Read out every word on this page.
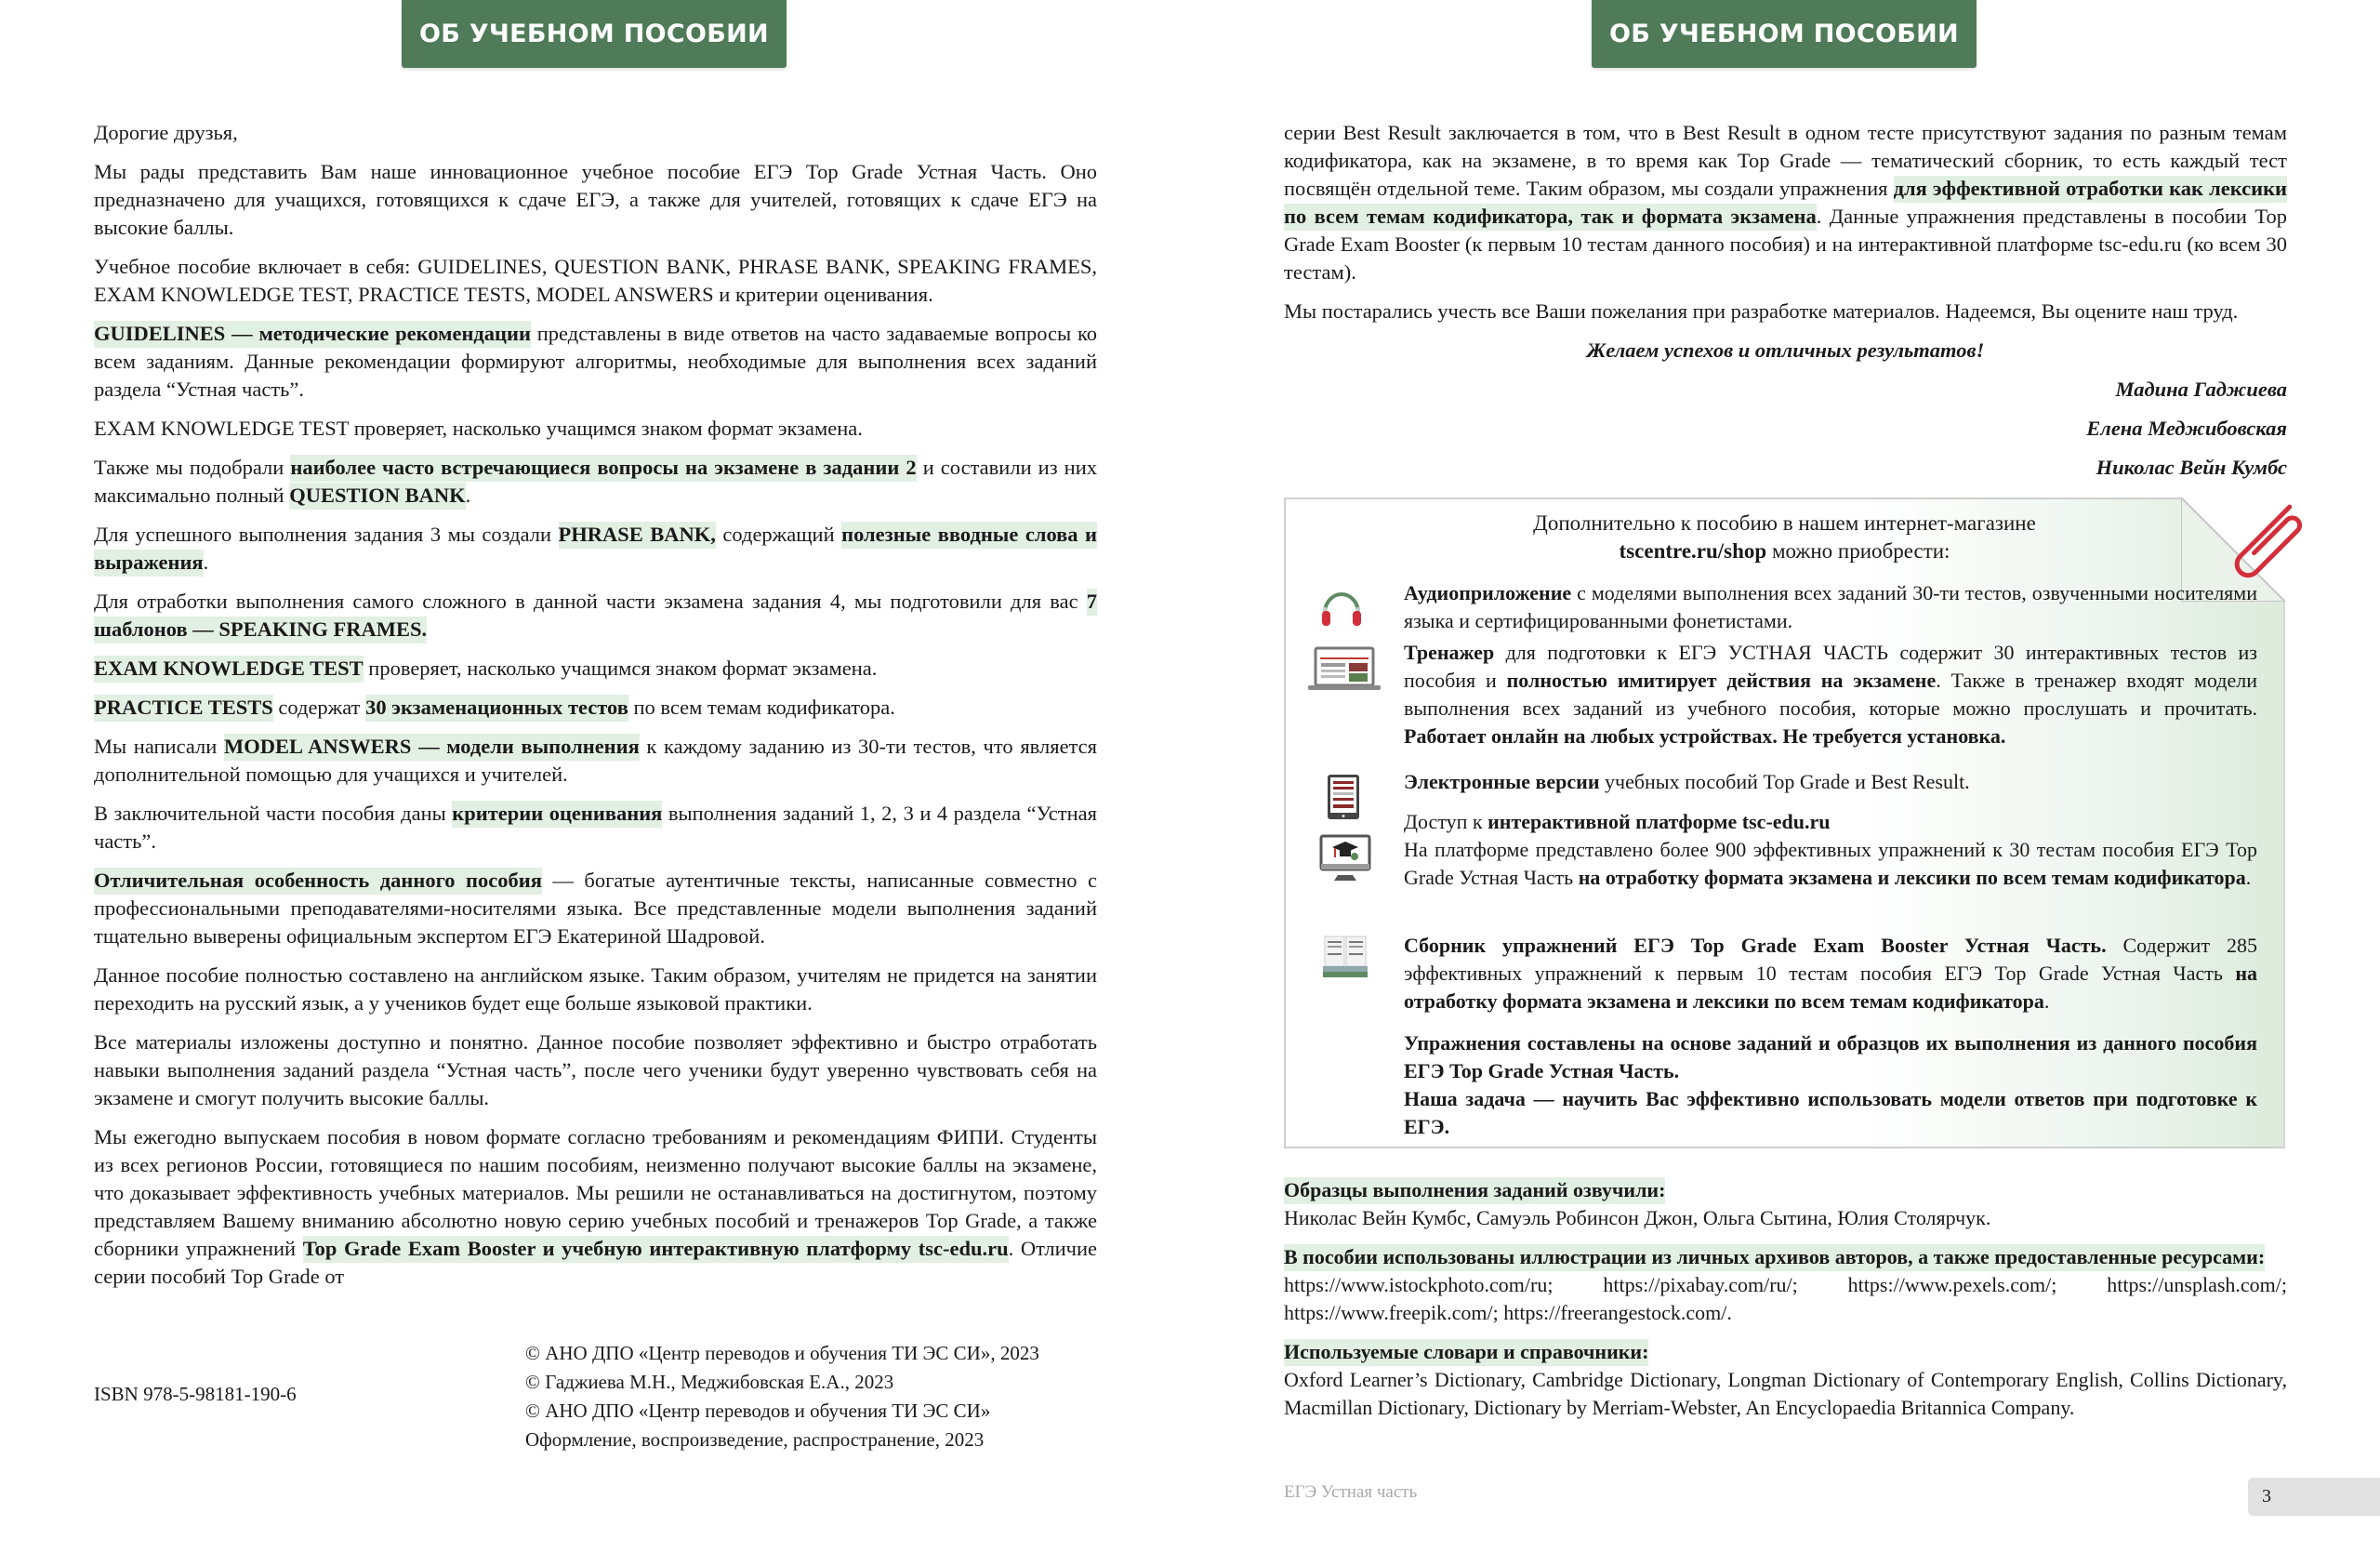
ОБ УЧЕБНОМ ПОСОБИИ

Дорогие друзья,

Мы рады представить Вам наше инновационное учебное пособие ЕГЭ Top Grade Устная Часть. Оно предназначено для учащихся, готовящихся к сдаче ЕГЭ, а также для учителей, готовящих к сдаче ЕГЭ на высокие баллы.

Учебное пособие включает в себя: GUIDELINES, QUESTION BANK, PHRASE BANK, SPEAKING FRAMES, EXAM KNOWLEDGE TEST, PRACTICE TESTS, MODEL ANSWERS и критерии оценивания.

GUIDELINES — методические рекомендации представлены в виде ответов на часто задаваемые вопросы ко всем заданиям. Данные рекомендации формируют алгоритмы, необходимые для выполнения всех заданий раздела “Устная часть”.

EXAM KNOWLEDGE TEST проверяет, насколько учащимся знаком формат экзамена.

Также мы подобрали наиболее часто встречающиеся вопросы на экзамене в задании 2 и составили из них максимально полный QUESTION BANK.

Для успешного выполнения задания 3 мы создали PHRASE BANK, содержащий полезные вводные слова и выражения.

Для отработки выполнения самого сложного в данной части экзамена задания 4, мы подготовили для вас 7 шаблонов — SPEAKING FRAMES.

EXAM KNOWLEDGE TEST проверяет, насколько учащимся знаком формат экзамена.

PRACTICE TESTS содержат 30 экзаменационных тестов по всем темам кодификатора.

Мы написали MODEL ANSWERS — модели выполнения к каждому заданию из 30-ти тестов, что является дополнительной помощью для учащихся и учителей.

В заключительной части пособия даны критерии оценивания выполнения заданий 1, 2, 3 и 4 раздела “Устная часть”.

Отличительная особенность данного пособия — богатые аутентичные тексты, написанные совместно с профессиональными преподавателями-носителями языка. Все представленные модели выполнения заданий тщательно выверены официальным экспертом ЕГЭ Екатериной Шадровой.

Данное пособие полностью составлено на английском языке. Таким образом, учителям не придется на занятии переходить на русский язык, а у учеников будет еще больше языковой практики.

Все материалы изложены доступно и понятно. Данное пособие позволяет эффективно и быстро отработать навыки выполнения заданий раздела “Устная часть”, после чего ученики будут уверенно чувствовать себя на экзамене и смогут получить высокие баллы.

Мы ежегодно выпускаем пособия в новом формате согласно требованиям и рекомендациям ФИПИ. Студенты из всех регионов России, готовящиеся по нашим пособиям, неизменно получают высокие баллы на экзамене, что доказывает эффективность учебных материалов. Мы решили не останавливаться на достигнутом, поэтому представляем Вашему вниманию абсолютно новую серию учебных пособий и тренажеров Top Grade, а также сборники упражнений Top Grade Exam Booster и учебную интерактивную платформу tsc-edu.ru. Отличие серии пособий Top Grade от

ISBN 978-5-98181-190-6
© АНО ДПО «Центр переводов и обучения ТИ ЭС СИ», 2023
© Гаджиева М.Н., Меджибовская Е.А., 2023
© АНО ДПО «Центр переводов и обучения ТИ ЭС СИ»
Оформление, воспроизведение, распространение, 2023
ОБ УЧЕБНОМ ПОСОБИИ

серии Best Result заключается в том, что в Best Result в одном тесте присутствуют задания по разным темам кодификатора, как на экзамене, в то время как Top Grade — тематический сборник, то есть каждый тест посвящён отдельной теме. Таким образом, мы создали упражнения для эффективной отработки как лексики по всем темам кодификатора, так и формата экзамена. Данные упражнения представлены в пособии Top Grade Exam Booster (к первым 10 тестам данного пособия) и на интерактивной платформе tsc-edu.ru (ко всем 30 тестам).

Мы постарались учесть все Ваши пожелания при разработке материалов. Надеемся, Вы оцените наш труд.

Желаем успехов и отличных результатов!

Мадина Гаджиева

Елена Меджибовская

Николас Вейн Кумбс

Дополнительно к пособию в нашем интернет-магазине
tscentre.ru/shop можно приобрести:
Аудиоприложение с моделями выполнения всех заданий 30-ти тестов, озвученными носителями языка и сертифицированными фонетистами.
Тренажер для подготовки к ЕГЭ УСТНАЯ ЧАСТЬ содержит 30 интерактивных тестов из пособия и полностью имитирует действия на экзамене. Также в тренажер входят модели выполнения всех заданий из учебного пособия, которые можно прослушать и прочитать. Работает онлайн на любых устройствах. Не требуется установка.
Электронные версии учебных пособий Top Grade и Best Result.
Доступ к интерактивной платформе tsc-edu.ru
На платформе представлено более 900 эффективных упражнений к 30 тестам пособия ЕГЭ Top Grade Устная Часть на отработку формата экзамена и лексики по всем темам кодификатора.
Сборник упражнений ЕГЭ Top Grade Exam Booster Устная Часть. Содержит 285 эффективных упражнений к первым 10 тестам пособия ЕГЭ Top Grade Устная Часть на отработку формата экзамена и лексики по всем темам кодификатора.
Упражнения составлены на основе заданий и образцов их выполнения из данного пособия ЕГЭ Top Grade Устная Часть.
Наша задача — научить Вас эффективно использовать модели ответов при подготовке к ЕГЭ.

Образцы выполнения заданий озвучили:
Николас Вейн Кумбс, Самуэль Робинсон Джон, Ольга Сытина, Юлия Столярчук.

В пособии использованы иллюстрации из личных архивов авторов, а также предоставленные ресурсами:
https://www.istockphoto.com/ru; https://pixabay.com/ru/; https://www.pexels.com/; https://unsplash.com/; https://www.freepik.com/; https://freerangestock.com/.

Используемые словари и справочники:
Oxford Learner’s Dictionary, Cambridge Dictionary, Longman Dictionary of Contemporary English, Collins Dictionary, Macmillan Dictionary, Dictionary by Merriam-Webster, An Encyclopaedia Britannica Company.

ЕГЭ Устная часть	3
